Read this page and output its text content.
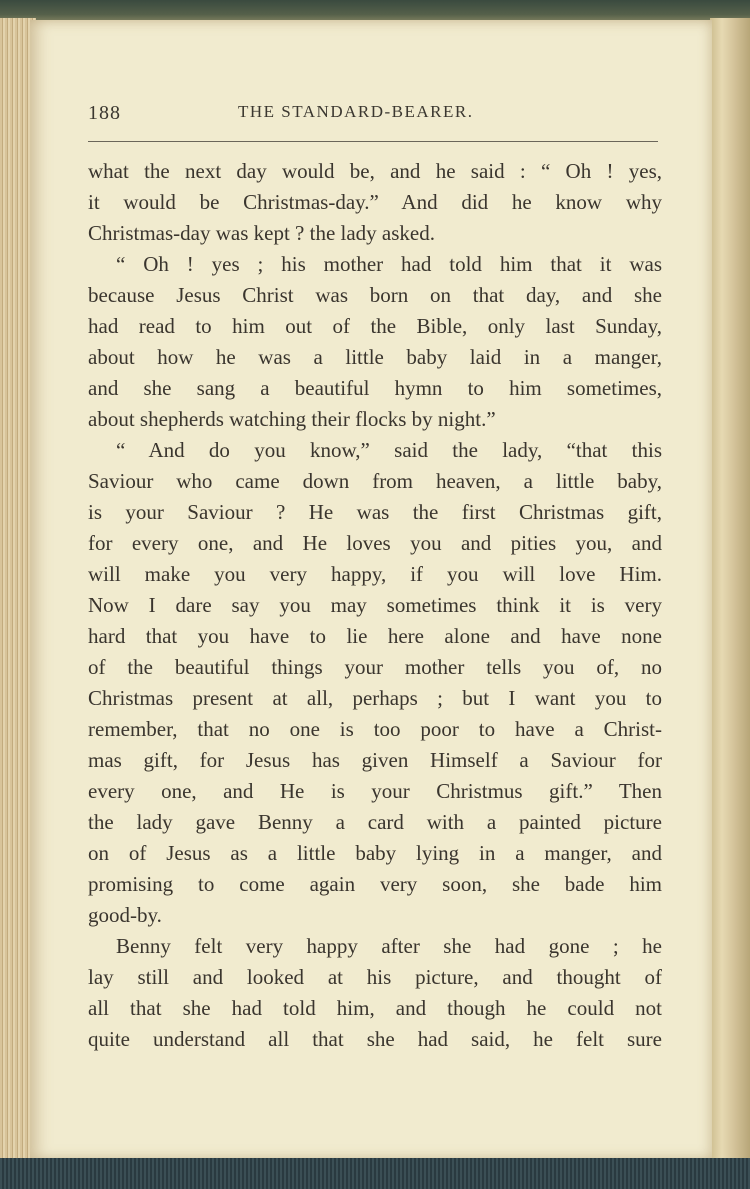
188	THE STANDARD-BEARER.
what the next day would be, and he said : “ Oh ! yes,
it would be Christmas-day.” And did he know why
Christmas-day was kept ? the lady asked.
“ Oh ! yes ; his mother had told him that it was
because Jesus Christ was born on that day, and she
had read to him out of the Bible, only last Sunday,
about how he was a little baby laid in a manger,
and she sang a beautiful hymn to him sometimes,
about shepherds watching their flocks by night.”
“ And do you know,” said the lady, “that this
Saviour who came down from heaven, a little baby,
is your Saviour ? He was the first Christmas gift,
for every one, and He loves you and pities you, and
will make you very happy, if you will love Him.
Now I dare say you may sometimes think it is very
hard that you have to lie here alone and have none
of the beautiful things your mother tells you of, no
Christmas present at all, perhaps ; but I want you to
remember, that no one is too poor to have a Christ-
mas gift, for Jesus has given Himself a Saviour for
every one, and He is your Christmus gift.” Then
the lady gave Benny a card with a painted picture
on of Jesus as a little baby lying in a manger, and
promising to come again very soon, she bade him
good-by.
Benny felt very happy after she had gone ; he
lay still and looked at his picture, and thought of
all that she had told him, and though he could not
quite understand all that she had said, he felt sure
